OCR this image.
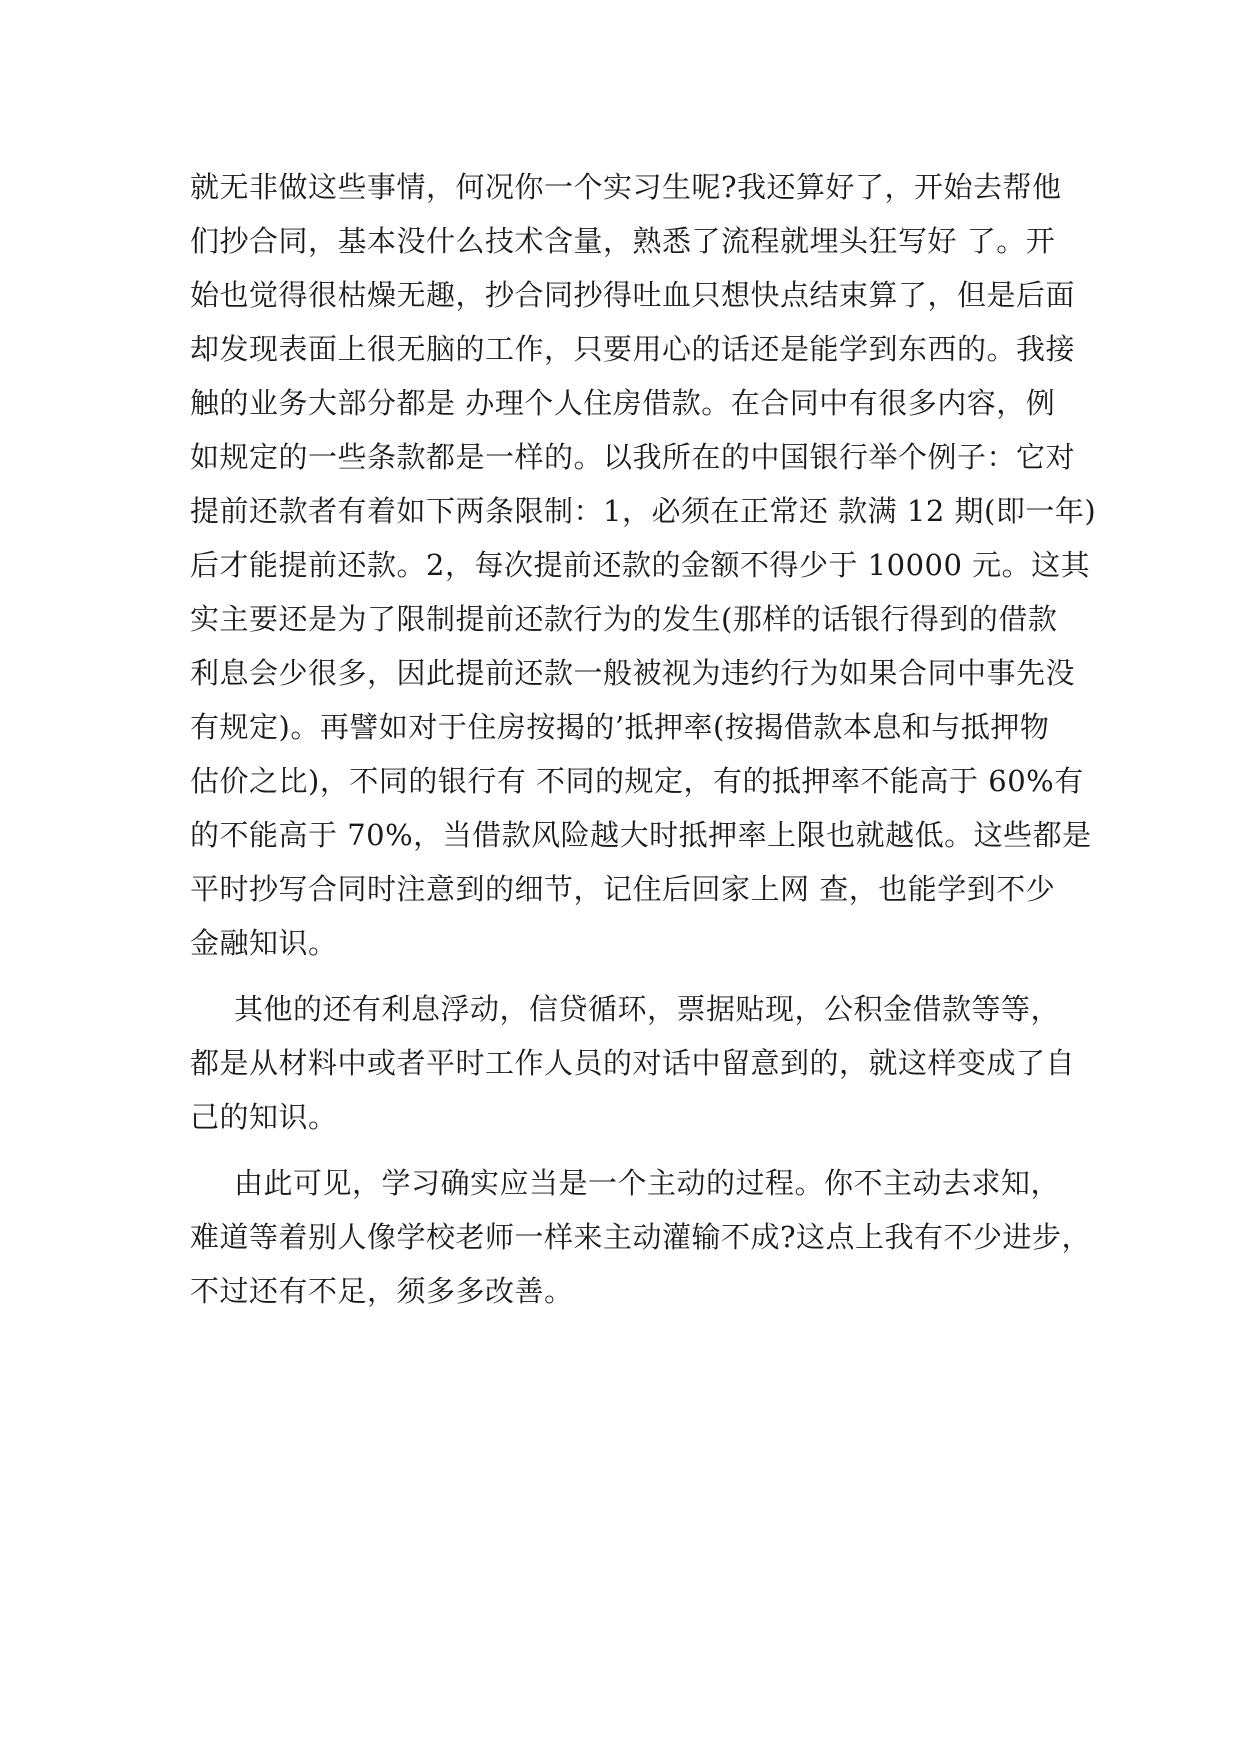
就无非做这些事情，何况你一个实习生呢?我还算好了，开始去帮他
们抄合同，基本没什么技术含量，熟悉了流程就埋头狂写好 了。开
始也觉得很枯燥无趣，抄合同抄得吐血只想快点结束算了，但是后面
却发现表面上很无脑的工作，只要用心的话还是能学到东西的。我接
触的业务大部分都是 办理个人住房借款。在合同中有很多内容，例
如规定的一些条款都是一样的。以我所在的中国银行举个例子：它对
提前还款者有着如下两条限制：1，必须在正常还 款满 12 期(即一年)
后才能提前还款。2，每次提前还款的金额不得少于 10000 元。这其
实主要还是为了限制提前还款行为的发生(那样的话银行得到的借款
利息会少很多，因此提前还款一般被视为违约行为如果合同中事先没
有规定)。再譬如对于住房按揭的’抵押率(按揭借款本息和与抵押物
估价之比)，不同的银行有 不同的规定，有的抵押率不能高于 60%有
的不能高于 70%，当借款风险越大时抵押率上限也就越低。这些都是
平时抄写合同时注意到的细节，记住后回家上网 查，也能学到不少
金融知识。
其他的还有利息浮动，信贷循环，票据贴现，公积金借款等等，
都是从材料中或者平时工作人员的对话中留意到的，就这样变成了自
己的知识。
由此可见，学习确实应当是一个主动的过程。你不主动去求知，
难道等着别人像学校老师一样来主动灌输不成?这点上我有不少进步，
不过还有不足，须多多改善。
